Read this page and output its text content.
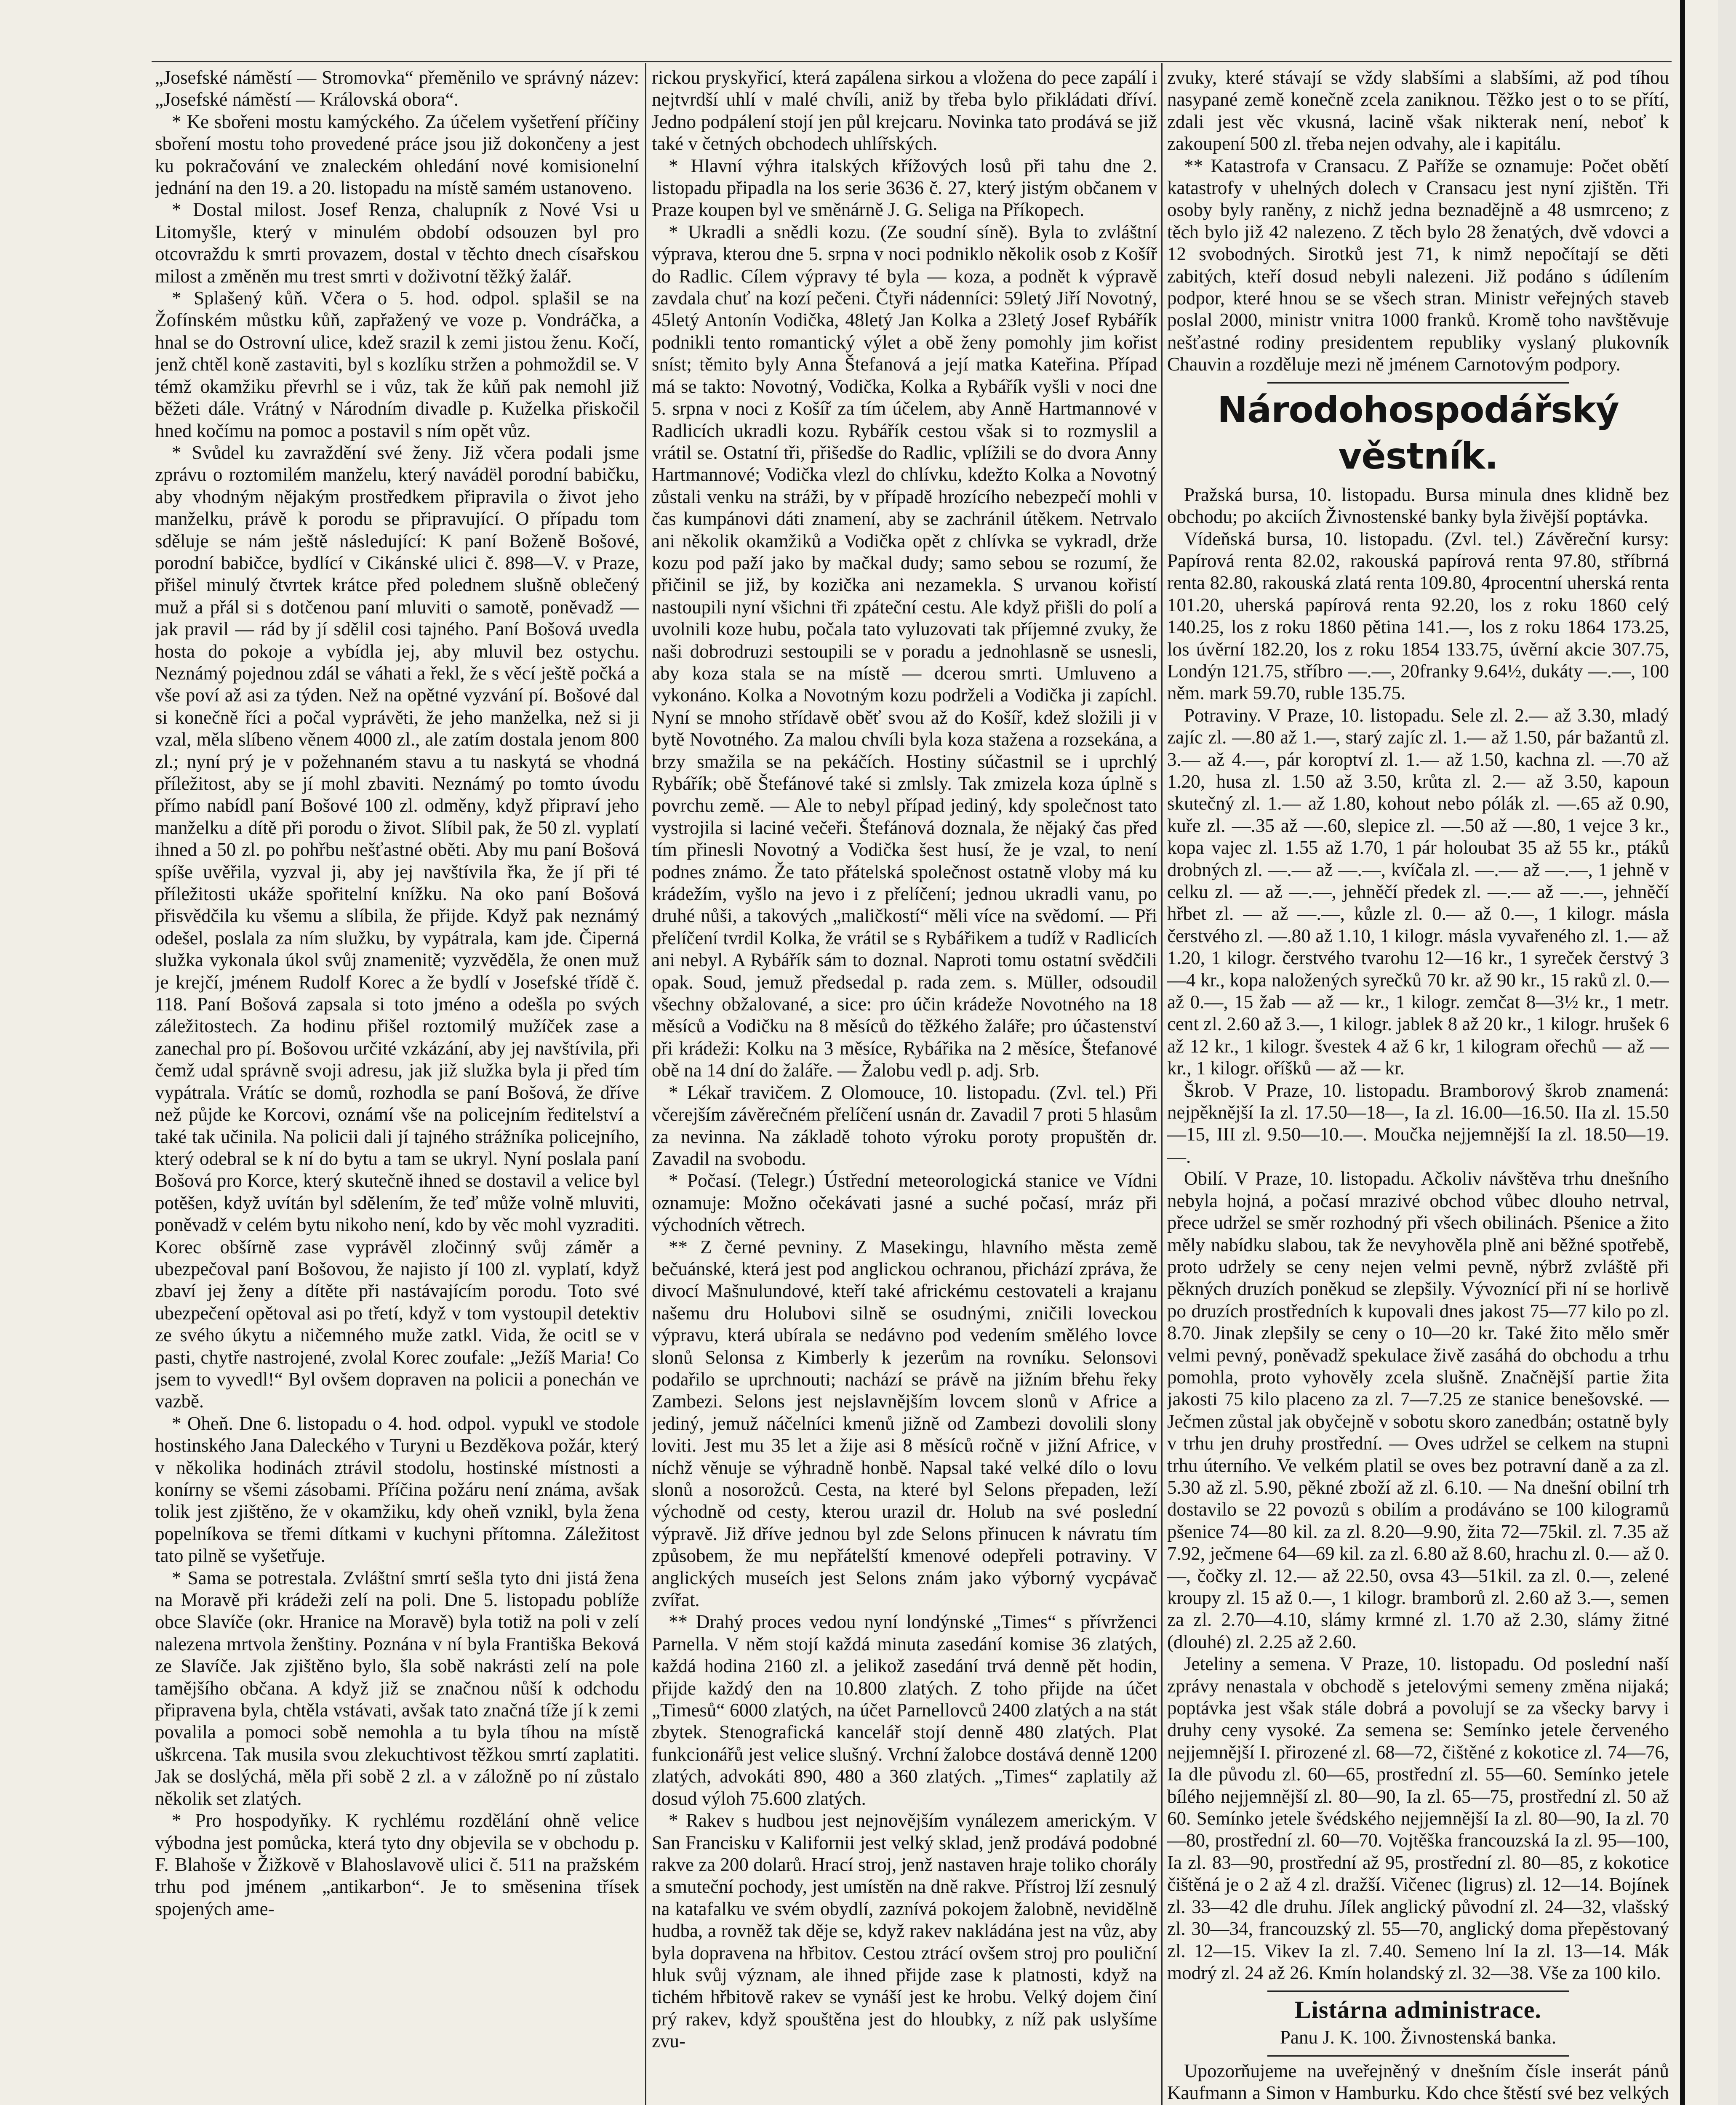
„Josefské náměstí — Stromovka“ přeměnilo ve správný název: „Josefské náměstí — Královská obora“.

* Ke sbořeni mostu kamýckého. Za účelem vyšetření příčiny sboření mostu toho provedené práce jsou již dokončeny a jest ku pokračování ve znaleckém ohledání nové komisionelní jednání na den 19. a 20. listopadu na místě samém ustanoveno.

* Dostal milost. Josef Renza, chalupník z Nové Vsi u Litomyšle, který v minulém období odsouzen byl pro otcovraždu k smrti provazem, dostal v těchto dnech císařskou milost a změněn mu trest smrti v doživotní těžký žalář.

* Splašený kůň. Včera o 5. hod. odpol. splašil se na Žofínském můstku kůň, zapřažený ve voze p. Vondráčka, a hnal se do Ostrovní ulice, kdež srazil k zemi jistou ženu. Kočí, jenž chtěl koně zastaviti, byl s kozlíku stržen a pohmoždil se. V témž okamžiku převrhl se i vůz, tak že kůň pak nemohl již běžeti dále. Vrátný v Národním divadle p. Kuželka přiskočil hned kočímu na pomoc a postavil s ním opět vůz.

* Svůdel ku zavraždění své ženy. Již včera podali jsme zprávu o roztomilém manželu, který navádël porodní babičku, aby vhodným nějakým prostředkem připravila o život jeho manželku, právě k porodu se připravující. O případu tom sděluje se nám ještě následující: K paní Boženě Bošové, porodní babičce, bydlící v Cikánské ulici č. 898—V. v Praze, přišel minulý čtvrtek krátce před polednem slušně oblečený muž a přál si s dotčenou paní mluviti o samotě, poněvadž — jak pravil — rád by jí sdělil cosi tajného. Paní Bošová uvedla hosta do pokoje a vybídla jej, aby mluvil bez ostychu. Neznámý pojednou zdál se váhati a řekl, že s věcí ještě počká a vše poví až asi za týden. Než na opětné vyzvání pí. Bošové dal si konečně říci a počal vyprávěti, že jeho manželka, než si ji vzal, měla slíbeno věnem 4000 zl., ale zatím dostala jenom 800 zl.; nyní prý je v požehnaném stavu a tu naskytá se vhodná příležitost, aby se jí mohl zbaviti. Neznámý po tomto úvodu přímo nabídl paní Bošové 100 zl. odměny, když připraví jeho manželku a dítě při porodu o život. Slíbil pak, že 50 zl. vyplatí ihned a 50 zl. po pohřbu nešťastné oběti. Aby mu paní Bošová spíše uvěřila, vyzval ji, aby jej navštívila řka, že jí při té příležitosti ukáže spořitelní knížku. Na oko paní Bošová přisvědčila ku všemu a slíbila, že přijde. Když pak neznámý odešel, poslala za ním služku, by vypátrala, kam jde. Čiperná služka vykonala úkol svůj znamenitě; vyzvěděla, že onen muž je krejčí, jménem Rudolf Korec a že bydlí v Josefské třídě č. 118. Paní Bošová zapsala si toto jméno a odešla po svých záležitostech. Za hodinu přišel roztomilý mužíček zase a zanechal pro pí. Bošovou určité vzkázání, aby jej navštívila, při čemž udal správně svoji adresu, jak již služka byla ji před tím vypátrala. Vrátíc se domů, rozhodla se paní Bošová, že dříve než půjde ke Korcovi, oznámí vše na policejním ředitelství a také tak učinila. Na policii dali jí tajného strážníka policejního, který odebral se k ní do bytu a tam se ukryl. Nyní poslala paní Bošová pro Korce, který skutečně ihned se dostavil a velice byl potěšen, když uvítán byl sdělením, že teď může volně mluviti, poněvadž v celém bytu nikoho není, kdo by věc mohl vyzraditi. Korec obšírně zase vyprávěl zločinný svůj záměr a ubezpečoval paní Bošovou, že najisto jí 100 zl. vyplatí, když zbaví jej ženy a dítěte při nastávajícím porodu. Toto své ubezpečení opětoval asi po třetí, když v tom vystoupil detektiv ze svého úkytu a ničemného muže zatkl. Vida, že ocitl se v pasti, chytře nastrojené, zvolal Korec zoufale: „Ježíš Maria! Co jsem to vyvedl!“ Byl ovšem dopraven na policii a ponechán ve vazbě.

* Oheň. Dne 6. listopadu o 4. hod. odpol. vypukl ve stodole hostinského Jana Daleckého v Turyni u Bezděkova požár, který v několika hodinách ztrávil stodolu, hostinské místnosti a konírny se všemi zásobami. Příčina požáru není známa, avšak tolik jest zjištěno, že v okamžiku, kdy oheň vznikl, byla žena popelníkova se třemi dítkami v kuchyni přítomna. Záležitost tato pilně se vyšetřuje.

* Sama se potrestala. Zvláštní smrtí sešla tyto dni jistá žena na Moravě při krádeži zelí na poli. Dne 5. listopadu poblíže obce Slavíče (okr. Hranice na Moravě) byla totiž na poli v zelí nalezena mrtvola ženštiny. Poznána v ní byla Františka Beková ze Slavíče. Jak zjištěno bylo, šla sobě nakrásti zelí na pole tamějšího občana. A když již se značnou nůší k odchodu připravena byla, chtěla vstávati, avšak tato značná tíže jí k zemi povalila a pomoci sobě nemohla a tu byla tíhou na místě uškrcena. Tak musila svou zlekuchtivost těžkou smrtí zaplatiti. Jak se doslýchá, měla při sobě 2 zl. a v záložně po ní zůstalo několik set zlatých.

* Pro hospodyňky. K rychlému rozdělání ohně velice výbodna jest pomůcka, která tyto dny objevila se v obchodu p. F. Blahoše v Žižkově v Blahoslavově ulici č. 511 na pražském trhu pod jménem „antikarbon“. Je to směsenina třísek spojených ame-

rickou pryskyřicí, která zapálena sirkou a vložena do pece zapálí i nejtvrdší uhlí v malé chvíli, aniž by třeba bylo přikládati dříví. Jedno podpálení stojí jen půl krejcaru. Novinka tato prodává se již také v četných obchodech uhlířských.

* Hlavní výhra italských křížových losů při tahu dne 2. listopadu připadla na los serie 3636 č. 27, který jistým občanem v Praze koupen byl ve směnárně J. G. Seliga na Příkopech.

* Ukradli a snědli kozu. (Ze soudní síně). Byla to zvláštní výprava, kterou dne 5. srpna v noci podniklo několik osob z Košíř do Radlic. Cílem výpravy té byla — koza, a podnět k výpravě zavdala chuť na kozí pečeni. Čtyři nádenníci: 59letý Jiří Novotný, 45letý Antonín Vodička, 48letý Jan Kolka a 23letý Josef Rybářík podnikli tento romantický výlet a obě ženy pomohly jim kořist sníst; těmito byly Anna Štefanová a její matka Kateřina. Případ má se takto: Novotný, Vodička, Kolka a Rybářík vyšli v noci dne 5. srpna v noci z Košíř za tím účelem, aby Anně Hartmannové v Radlicích ukradli kozu. Rybářík cestou však si to rozmyslil a vrátil se. Ostatní tři, přišedše do Radlic, vplížili se do dvora Anny Hartmannové; Vodička vlezl do chlívku, kdežto Kolka a Novotný zůstali venku na stráži, by v případě hrozícího nebezpečí mohli v čas kumpánovi dáti znamení, aby se zachránil útěkem. Netrvalo ani několik okamžiků a Vodička opět z chlívka se vykradl, drže kozu pod paží jako by mačkal dudy; samo sebou se rozumí, že přičinil se již, by kozička ani nezamekla. S urvanou kořistí nastoupili nyní všichni tři zpáteční cestu. Ale když přišli do polí a uvolnili koze hubu, počala tato vyluzovati tak příjemné zvuky, že naši dobrodruzi sestoupili se v poradu a jednohlasně se usnesli, aby koza stala se na místě — dcerou smrti. Umluveno a vykonáno. Kolka a Novotným kozu podrželi a Vodička ji zapíchl. Nyní se mnoho střídavě oběť svou až do Košíř, kdež složili ji v bytě Novotného. Za malou chvíli byla koza stažena a rozsekána, a brzy smažila se na pekáčích. Hostiny súčastnil se i uprchlý Rybářík; obě Štefánové také si zmlsly. Tak zmizela koza úplně s povrchu země. — Ale to nebyl případ jediný, kdy společnost tato vystrojila si laciné večeři. Štefánová doznala, že nějaký čas před tím přinesli Novotný a Vodička šest husí, že je vzal, to není podnes známo. Že tato přátelská společnost ostatně vloby má ku krádežím, vyšlo na jevo i z přelíčení; jednou ukradli vanu, po druhé nůši, a takových „maličkostí“ měli více na svědomí. — Při přelíčení tvrdil Kolka, že vrátil se s Rybářikem a tudíž v Radlicích ani nebyl. A Rybářík sám to doznal. Naproti tomu ostatní svědčili opak. Soud, jemuž předsedal p. rada zem. s. Müller, odsoudil všechny obžalované, a sice: pro účin krádeže Novotného na 18 měsíců a Vodičku na 8 měsíců do těžkého žaláře; pro účastenství při krádeži: Kolku na 3 měsíce, Rybářika na 2 měsíce, Štefanové obě na 14 dní do žaláře. — Žalobu vedl p. adj. Srb.

* Lékař travičem. Z Olomouce, 10. listopadu. (Zvl. tel.) Při včerejším závěrečném přelíčení usnán dr. Zavadil 7 proti 5 hlasům za nevinna. Na základě tohoto výroku poroty propuštěn dr. Zavadil na svobodu.

* Počasí. (Telegr.) Ústřední meteorologická stanice ve Vídni oznamuje: Možno očekávati jasné a suché počasí, mráz při východních větrech.

** Z černé pevniny. Z Masekingu, hlavního města země bečuánské, která jest pod anglickou ochranou, přichází zpráva, že divocí Mašnulundové, kteří také africkému cestovateli a krajanu našemu dru Holubovi silně se osudnými, zničili loveckou výpravu, která ubírala se nedávno pod vedením smělého lovce slonů Selonsa z Kimberly k jezerům na rovníku. Selonsovi podařilo se uprchnouti; nachází se právě na jižním břehu řeky Zambezi. Selons jest nejslavnějším lovcem slonů v Africe a jediný, jemuž náčelníci kmenů jižně od Zambezi dovolili slony loviti. Jest mu 35 let a žije asi 8 měsíců ročně v jižní Africe, v níchž věnuje se výhradně honbě. Napsal také velké dílo o lovu slonů a nosorožců. Cesta, na které byl Selons přepaden, leží východně od cesty, kterou urazil dr. Holub na své poslední výpravě. Již dříve jednou byl zde Selons přinucen k návratu tím způsobem, že mu nepřátelští kmenové odepřeli potraviny. V anglických museích jest Selons znám jako výborný vycpávač zvířat.

** Drahý proces vedou nyní londýnské „Times“ s přívrženci Parnella. V něm stojí každá minuta zasedání komise 36 zlatých, každá hodina 2160 zl. a jelikož zasedání trvá denně pět hodin, přijde každý den na 10.800 zlatých. Z toho přijde na účet „Timesů“ 6000 zlatých, na účet Parnellovců 2400 zlatých a na stát zbytek. Stenografická kancelář stojí denně 480 zlatých. Plat funkcionářů jest velice slušný. Vrchní žalobce dostává denně 1200 zlatých, advokáti 890, 480 a 360 zlatých. „Times“ zaplatily až dosud výloh 75.600 zlatých.

* Rakev s hudbou jest nejnovějším vynálezem americkým. V San Francisku v Kalifornii jest velký sklad, jenž prodává podobné rakve za 200 dolarů. Hrací stroj, jenž nastaven hraje toliko chorály a smuteční pochody, jest umístěn na dně rakve. Přístroj lží zesnulý na katafalku ve svém obydlí, zaznívá pokojem žalobně, nevidělně hudba, a rovněž tak děje se, když rakev nakládána jest na vůz, aby byla dopravena na hřbitov. Cestou ztrácí ovšem stroj pro pouliční hluk svůj význam, ale ihned přijde zase k platnosti, když na tichém hřbitově rakev se vynáší jest ke hrobu. Velký dojem činí prý rakev, když spouštěna jest do hloubky, z níž pak uslyšíme zvu-

zvuky, které stávají se vždy slabšími a slabšími, až pod tíhou nasypané země konečně zcela zaniknou. Těžko jest o to se přítí, zdali jest věc vkusná, lacině však nikterak není, neboť k zakoupení 500 zl. třeba nejen odvahy, ale i kapitálu.

** Katastrofa v Cransacu. Z Paříže se oznamuje: Počet obětí katastrofy v uhelných dolech v Cransacu jest nyní zjištěn. Tři osoby byly raněny, z nichž jedna beznadějně a 48 usmrceno; z těch bylo již 42 nalezeno. Z těch bylo 28 ženatých, dvě vdovci a 12 svobodných. Sirotků jest 71, k nimž nepočítají se děti zabitých, kteří dosud nebyli nalezeni. Již podáno s údílením podpor, které hnou se se všech stran. Ministr veřejných staveb poslal 2000, ministr vnitra 1000 franků. Kromě toho navštěvuje nešťastné rodiny presidentem republiky vyslaný plukovník Chauvin a rozděluje mezi ně jménem Carnotovým podpory.

Národohospodářský věstník.

Pražská bursa, 10. listopadu. Bursa minula dnes klidně bez obchodu; po akciích Živnostenské banky byla živější poptávka.

Vídeňská bursa, 10. listopadu. (Zvl. tel.) Závěreční kursy: Papírová renta 82.02, rakouská papírová renta 97.80, stříbrná renta 82.80, rakouská zlatá renta 109.80, 4procentní uherská renta 101.20, uherská papírová renta 92.20, los z roku 1860 celý 140.25, los z roku 1860 pětina 141.—, los z roku 1864 173.25, los úvěrní 182.20, los z roku 1854 133.75, úvěrní akcie 307.75, Londýn 121.75, stříbro —.—, 20franky 9.64½, dukáty —.—, 100 něm. mark 59.70, ruble 135.75.

Potraviny. V Praze, 10. listopadu. Sele zl. 2.— až 3.30, mladý zajíc zl. —.80 až 1.—, starý zajíc zl. 1.— až 1.50, pár bažantů zl. 3.— až 4.—, pár koroptví zl. 1.— až 1.50, kachna zl. —.70 až 1.20, husa zl. 1.50 až 3.50, krůta zl. 2.— až 3.50, kapoun skutečný zl. 1.— až 1.80, kohout nebo pólák zl. —.65 až 0.90, kuře zl. —.35 až —.60, slepice zl. —.50 až —.80, 1 vejce 3 kr., kopa vajec zl. 1.55 až 1.70, 1 pár holoubat 35 až 55 kr., ptáků drobných zl. —.— až —.—, kvíčala zl. —.— až —.—, 1 jehně v celku zl. — až —.—, jehněčí předek zl. —.— až —.—, jehněčí hřbet zl. — až —.—, kůzle zl. 0.— až 0.—, 1 kilogr. másla čerstvého zl. —.80 až 1.10, 1 kilogr. másla vyvařeného zl. 1.— až 1.20, 1 kilogr. čerstvého tvarohu 12—16 kr., 1 syreček čerstvý 3—4 kr., kopa naložených syrečků 70 kr. až 90 kr., 15 raků zl. 0.— až 0.—, 15 žab — až — kr., 1 kilogr. zemčat 8—3½ kr., 1 metr. cent zl. 2.60 až 3.—, 1 kilogr. jablek 8 až 20 kr., 1 kilogr. hrušek 6 až 12 kr., 1 kilogr. švestek 4 až 6 kr, 1 kilogram ořechů — až — kr., 1 kilogr. oříšků — až — kr.

Škrob. V Praze, 10. listopadu. Bramborový škrob znamená: nejpěknější Ia zl. 17.50—18—, Ia zl. 16.00—16.50. IIa zl. 15.50—15, III zl. 9.50—10.—. Moučka nejjemnější Ia zl. 18.50—19.—.

Obilí. V Praze, 10. listopadu. Ačkoliv návštěva trhu dnešního nebyla hojná, a počasí mrazivé obchod vůbec dlouho netrval, přece udržel se směr rozhodný při všech obilinách. Pšenice a žito měly nabídku slabou, tak že nevyhověla plně ani běžné spotřebě, proto udržely se ceny nejen velmi pevně, nýbrž zvláště při pěkných druzích poněkud se zlepšily. Vývoznící při ní se horlivě po druzích prostředních k kupovali dnes jakost 75—77 kilo po zl. 8.70. Jinak zlepšily se ceny o 10—20 kr. Také žito mělo směr velmi pevný, poněvadž spekulace živě zasáhá do obchodu a trhu pomohla, proto vyhověly zcela slušně. Značnější partie žita jakosti 75 kilo placeno za zl. 7—7.25 ze stanice benešovské. — Ječmen zůstal jak obyčejně v sobotu skoro zanedbán; ostatně byly v trhu jen druhy prostřední. — Oves udržel se celkem na stupni trhu úterního. Ve velkém platil se oves bez potravní daně a za zl. 5.30 až zl. 5.90, pěkné zboží až zl. 6.10. — Na dnešní obilní trh dostavilo se 22 povozů s obilím a prodáváno se 100 kilogramů pšenice 74—80 kil. za zl. 8.20—9.90, žita 72—75kil. zl. 7.35 až 7.92, ječmene 64—69 kil. za zl. 6.80 až 8.60, hrachu zl. 0.— až 0.—, čočky zl. 12.— až 22.50, ovsa 43—51kil. za zl. 0.—, zelené kroupy zl. 15 až 0.—, 1 kilogr. bramborů zl. 2.60 až 3.—, semen za zl. 2.70—4.10, slámy krmné zl. 1.70 až 2.30, slámy žitné (dlouhé) zl. 2.25 až 2.60.

Jeteliny a semena. V Praze, 10. listopadu. Od poslední naší zprávy nenastala v obchodě s jetelovými semeny změna nijaká; poptávka jest však stále dobrá a povolují se za všecky barvy i druhy ceny vysoké. Za semena se: Semínko jetele červeného nejjemnější I. přirozené zl. 68—72, čištěné z kokotice zl. 74—76, Ia dle původu zl. 60—65, prostřední zl. 55—60. Semínko jetele bílého nejjemnější zl. 80—90, Ia zl. 65—75, prostřední zl. 50 až 60. Semínko jetele švédského nejjemnější Ia zl. 80—90, Ia zl. 70—80, prostřední zl. 60—70. Vojtěška francouzská Ia zl. 95—100, Ia zl. 83—90, prostřední až 95, prostřední zl. 80—85, z kokotice čištěná je o 2 až 4 zl. dražší. Vičenec (ligrus) zl. 12—14. Bojínek zl. 33—42 dle druhu. Jílek anglický původní zl. 24—32, vlašský zl. 30—34, francouzský zl. 55—70, anglický doma přepěstovaný zl. 12—15. Vikev Ia zl. 7.40. Semeno lní Ia zl. 13—14. Mák modrý zl. 24 až 26. Kmín holandský zl. 32—38. Vše za 100 kilo.

Listárna administrace.

Panu J. K. 100. Živnostenská banka.

Upozorňujeme na uveřejněný v dnešním čísle inserát pánů Kaufmann a Simon v Hamburku. Kdo chce štěstí své bez velkých
